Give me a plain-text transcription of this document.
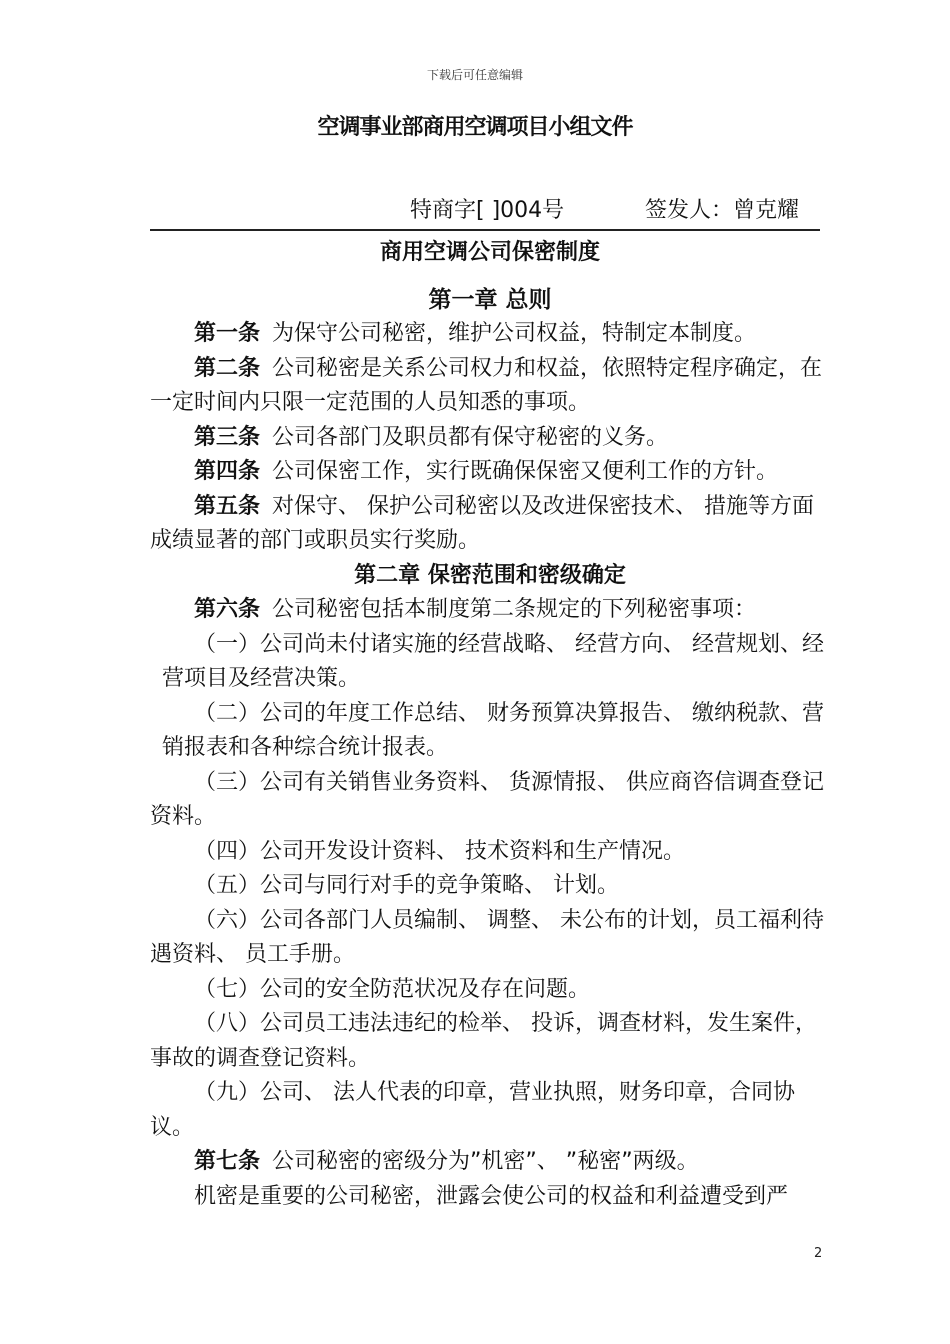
下载后可任意编辑
空调事业部商用空调项目小组文件
特商字[ ]004号	签发人：曾克耀

商用空调公司保密制度

第一章 总则

第一条 为保守公司秘密，维护公司权益，特制定本制度。

第二条 公司秘密是关系公司权力和权益，依照特定程序确定，在一定时间内只限一定范围的人员知悉的事项。

第三条 公司各部门及职员都有保守秘密的义务。

第四条 公司保密工作，实行既确保保密又便利工作的方针。

第五条 对保守、 保护公司秘密以及改进保密技术、 措施等方面成绩显著的部门或职员实行奖励。

第二章 保密范围和密级确定

第六条 公司秘密包括本制度第二条规定的下列秘密事项：

（一）公司尚未付诸实施的经营战略、 经营方向、 经营规划、经营项目及经营决策。

（二）公司的年度工作总结、 财务预算决算报告、 缴纳税款、营销报表和各种综合统计报表。

（三）公司有关销售业务资料、 货源情报、 供应商咨信调查登记资料。

（四）公司开发设计资料、 技术资料和生产情况。

（五）公司与同行对手的竞争策略、 计划。

（六）公司各部门人员编制、 调整、 未公布的计划，员工福利待遇资料、 员工手册。

（七）公司的安全防范状况及存在问题。

（八）公司员工违法违纪的检举、 投诉，调查材料，发生案件，事故的调查登记资料。

（九）公司、 法人代表的印章，营业执照，财务印章，合同协议。

第七条 公司秘密的密级分为”机密”、 ”秘密”两级。

机密是重要的公司秘密，泄露会使公司的权益和利益遭受到严

2
